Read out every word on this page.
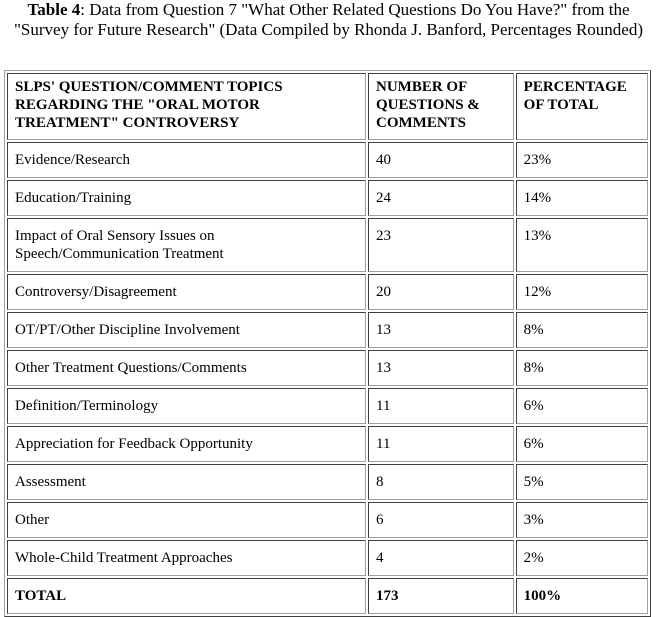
Table 4: Data from Question 7 "What Other Related Questions Do You Have?" from the "Survey for Future Research" (Data Compiled by Rhonda J. Banford, Percentages Rounded)

SLPS' QUESTION/COMMENT TOPICS REGARDING THE "ORAL MOTOR TREATMENT" CONTROVERSY	NUMBER OF QUESTIONS & COMMENTS	PERCENTAGE OF TOTAL
Evidence/Research	40	23%
Education/Training	24	14%
Impact of Oral Sensory Issues on Speech/Communication Treatment	23	13%
Controversy/Disagreement	20	12%
OT/PT/Other Discipline Involvement	13	8%
Other Treatment Questions/Comments	13	8%
Definition/Terminology	11	6%
Appreciation for Feedback Opportunity	11	6%
Assessment	8	5%
Other	6	3%
Whole-Child Treatment Approaches	4	2%
TOTAL	173	100%
